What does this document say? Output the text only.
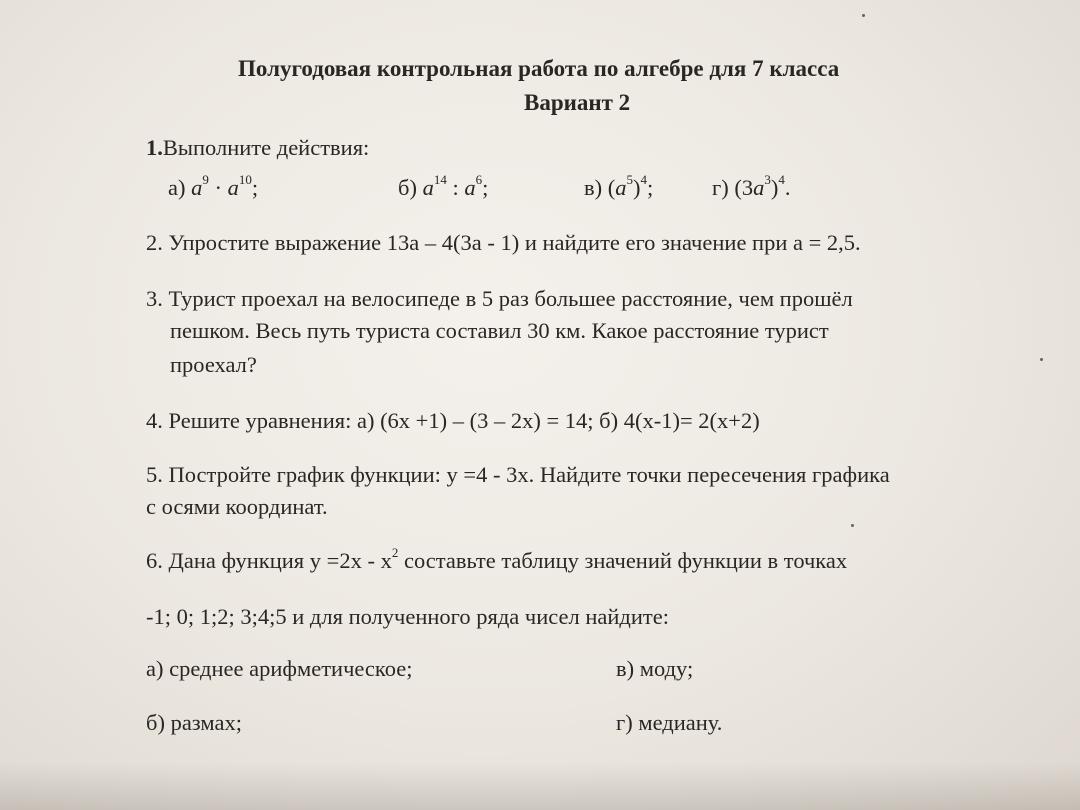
Полугодовая контрольная работа по алгебре для 7 класса
Вариант 2
1.Выполните действия:
а) $a^9 \cdot a^{10}$;	б) $a^{14}$ : $a^6$;	в) $(a^5)^4$;	г) $(3a^3)^4$.
2. Упростите выражение 13a – 4(3a - 1) и найдите его значение при a = 2,5.
3. Турист проехал на велосипеде в 5 раз большее расстояние, чем прошёл
пешком. Весь путь туриста составил 30 км. Какое расстояние турист
проехал?
4. Решите уравнения: а) (6x +1) – (3 – 2x) = 14; б) 4(x-1)= 2(x+2)
5. Постройте график функции: y =4 - 3x. Найдите точки пересечения графика
с осями координат.
6. Дана функция $y =2x - x^2$ составьте таблицу значений функции в точках
-1; 0; 1;2; 3;4;5 и для полученного ряда чисел найдите:
а) среднее арифметическое;	в) моду;
б) размах;	г) медиану.
